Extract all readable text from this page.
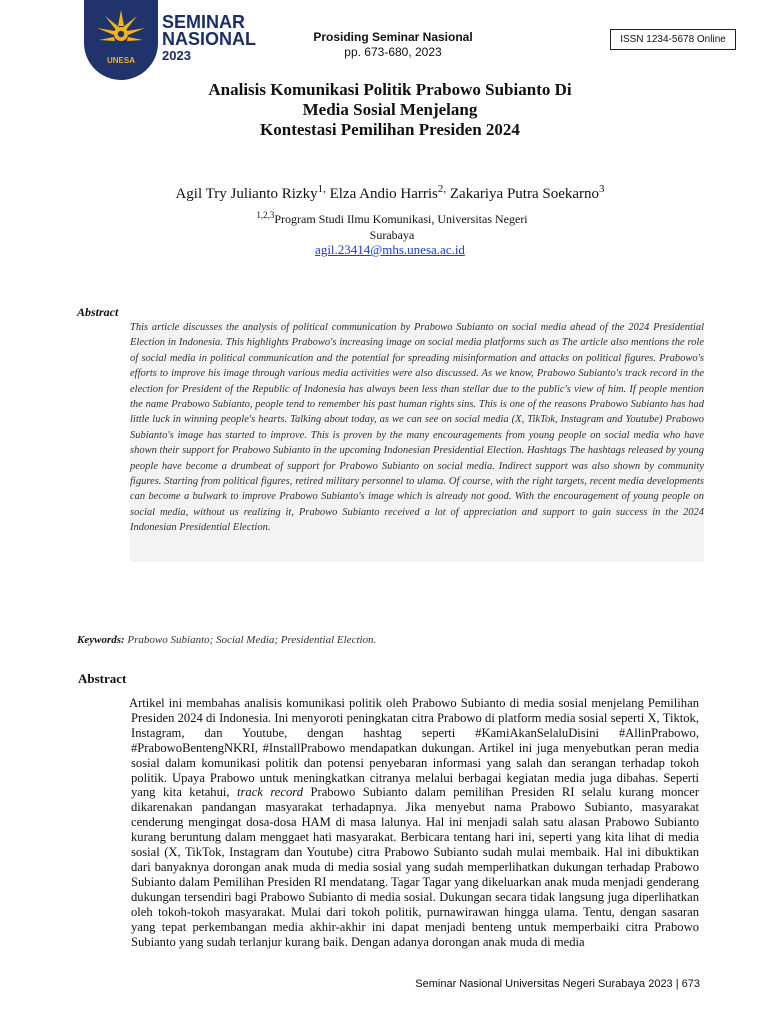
UNESA
SEMINAR
NASIONAL
2023
Prosiding Seminar Nasional
pp. 673-680, 2023
ISSN 1234-5678 Online
Analisis Komunikasi Politik Prabowo Subianto Di
Media Sosial Menjelang
Kontestasi Pemilihan Presiden 2024
Agil Try Julianto Rizky$^{1,}$ Elza Andio Harris$^{2,}$ Zakariya Putra Soekarno$^3$
$^{1,2,3}$Program Studi Ilmu Komunikasi, Universitas Negeri
Surabaya
agil.23414@mhs.unesa.ac.id
Abstract

This article discusses the analysis of political communication by Prabowo Subianto on social media ahead of the 2024 Presidential Election in Indonesia. This highlights Prabowo's increasing image on social media platforms such as The article also mentions the role of social media in political communication and the potential for spreading misinformation and attacks on political figures. Prabowo's efforts to improve his image through various media activities were also discussed. As we know, Prabowo Subianto's track record in the election for President of the Republic of Indonesia has always been less than stellar due to the public's view of him. If people mention the name Prabowo Subianto, people tend to remember his past human rights sins. This is one of the reasons Prabowo Subianto has had little luck in winning people's hearts. Talking about today, as we can see on social media (X, TikTok, Instagram and Youtube) Prabowo Subianto's image has started to improve. This is proven by the many encouragements from young people on social media who have shown their support for Prabowo Subianto in the upcoming Indonesian Presidential Election. Hashtags The hashtags released by young people have become a drumbeat of support for Prabowo Subianto on social media. Indirect support was also shown by community figures. Starting from political figures, retired military personnel to ulama. Of course, with the right targets, recent media developments can become a bulwark to improve Prabowo Subianto's image which is already not good. With the encouragement of young people on social media, without us realizing it, Prabowo Subianto received a lot of appreciation and support to gain success in the 2024 Indonesian Presidential Election.

Keywords: Prabowo Subianto; Social Media; Presidential Election.
Abstract

Artikel ini membahas analisis komunikasi politik oleh Prabowo Subianto di media sosial menjelang Pemilihan Presiden 2024 di Indonesia. Ini menyoroti peningkatan citra Prabowo di platform media sosial seperti X, Tiktok, Instagram, dan Youtube, dengan hashtag seperti #KamiAkanSelaluDisini #AllinPrabowo, #PrabowoBentengNKRI, #InstallPrabowo mendapatkan dukungan. Artikel ini juga menyebutkan peran media sosial dalam komunikasi politik dan potensi penyebaran informasi yang salah dan serangan terhadap tokoh politik. Upaya Prabowo untuk meningkatkan citranya melalui berbagai kegiatan media juga dibahas. Seperti yang kita ketahui, track record Prabowo Subianto dalam pemilihan Presiden RI selalu kurang moncer dikarenakan pandangan masyarakat terhadapnya. Jika menyebut nama Prabowo Subianto, masyarakat cenderung mengingat dosa-dosa HAM di masa lalunya. Hal ini menjadi salah satu alasan Prabowo Subianto kurang beruntung dalam menggaet hati masyarakat. Berbicara tentang hari ini, seperti yang kita lihat di media sosial (X, TikTok, Instagram dan Youtube) citra Prabowo Subianto sudah mulai membaik. Hal ini dibuktikan dari banyaknya dorongan anak muda di media sosial yang sudah memperlihatkan dukungan terhadap Prabowo Subianto dalam Pemilihan Presiden RI mendatang. Tagar Tagar yang dikeluarkan anak muda menjadi genderang dukungan tersendiri bagi Prabowo Subianto di media sosial. Dukungan secara tidak langsung juga diperlihatkan oleh tokoh-tokoh masyarakat. Mulai dari tokoh politik, purnawirawan hingga ulama. Tentu, dengan sasaran yang tepat perkembangan media akhir-akhir ini dapat menjadi benteng untuk memperbaiki citra Prabowo Subianto yang sudah terlanjur kurang baik. Dengan adanya dorongan anak muda di media

Seminar Nasional Universitas Negeri Surabaya 2023 | 673
